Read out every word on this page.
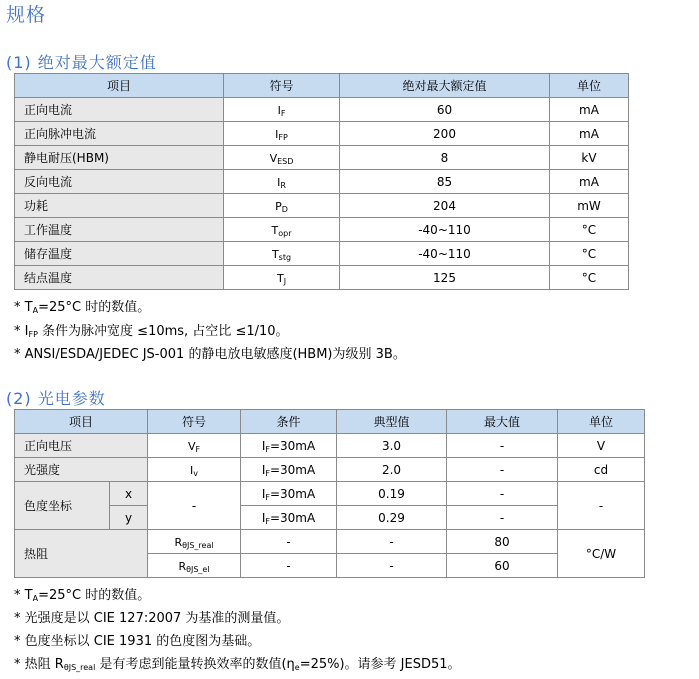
规格
(1) 绝对最大额定值
项目	符号	绝对最大额定值	单位
正向电流	$I_F$	60	mA
正向脉冲电流	$I_{FP}$	200	mA
静电耐压(HBM)	$V_{ESD}$	8	kV
反向电流	$I_R$	85	mA
功耗	$P_D$	204	mW
工作温度	$T_{opr}$	-40~110	°C
储存温度	$T_{stg}$	-40~110	°C
结点温度	$T_J$	125	°C
* $T_A=25^\circ C$ 时的数值。
* $I_{FP}$ 条件为脉冲宽度 ≤10ms, 占空比 ≤1/10。
* ANSI/ESDA/JEDEC JS-001 的静电放电敏感度(HBM)为级别 3B。
(2) 光电参数
项目		符号	条件	典型值	最大值	单位
正向电压		$V_F$	$I_F=30mA$	3.0	-	V
光强度		$I_v$	$I_F=30mA$	2.0	-	cd
色度坐标	x	-	$I_F=30mA$	0.19	-	-
	y		$I_F=30mA$	0.29	-	
热阻		$R_{\theta JS\_real}$	-	-	80	°C/W
		$R_{\theta JS\_el}$	-	-	60	
* $T_A=25^\circ C$ 时的数值。
* 光强度是以 CIE 127:2007 为基准的测量值。
* 色度坐标以 CIE 1931 的色度图为基础。
* 热阻 $R_{\theta JS\_real}$ 是有考虑到能量转换效率的数值$(\eta_e=25\%)$。请参考 JESD51。
